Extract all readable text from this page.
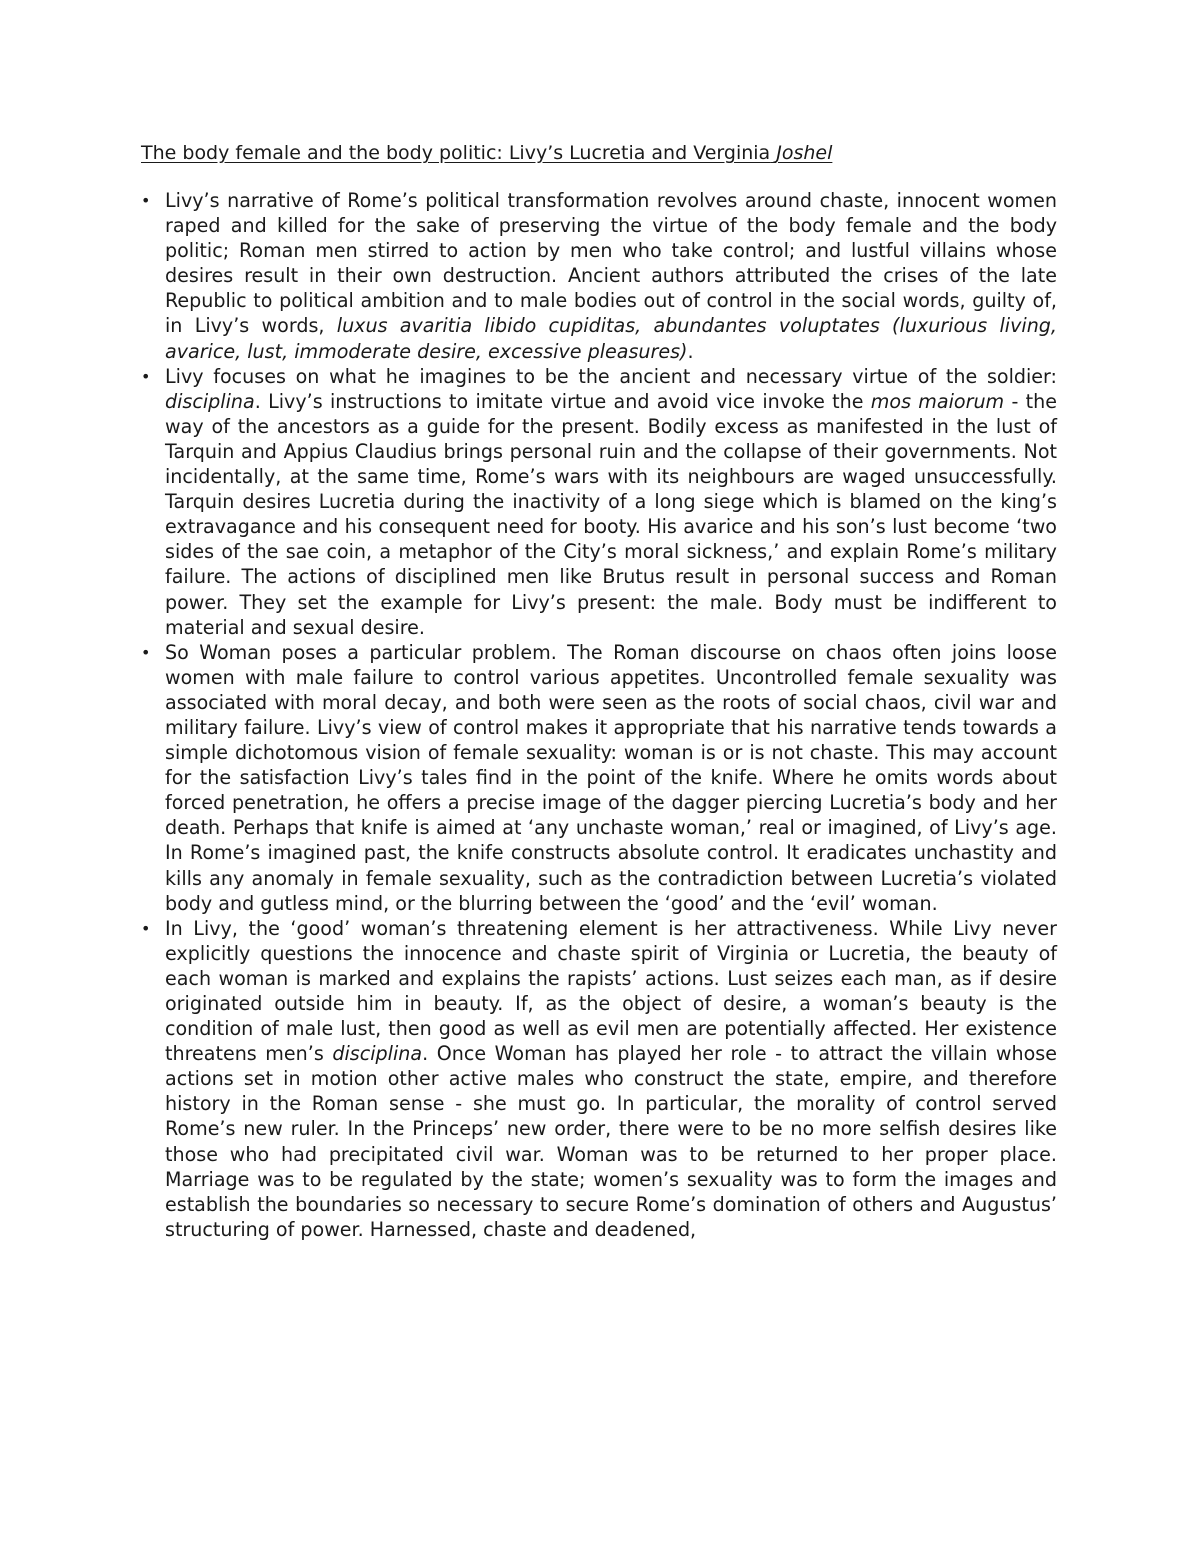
The body female and the body politic: Livy’s Lucretia and Verginia Joshel
• Livy’s narrative of Rome’s political transformation revolves around chaste, innocent women raped and killed for the sake of preserving the virtue of the body female and the body politic; Roman men stirred to action by men who take control; and lustful villains whose desires result in their own destruction. Ancient authors attributed the crises of the late Republic to political ambition and to male bodies out of control in the social words, guilty of, in Livy’s words, luxus avaritia libido cupiditas, abundantes voluptates (luxurious living, avarice, lust, immoderate desire, excessive pleasures).
• Livy focuses on what he imagines to be the ancient and necessary virtue of the soldier: disciplina. Livy’s instructions to imitate virtue and avoid vice invoke the mos maiorum - the way of the ancestors as a guide for the present. Bodily excess as manifested in the lust of Tarquin and Appius Claudius brings personal ruin and the collapse of their governments. Not incidentally, at the same time, Rome’s wars with its neighbours are waged unsuccessfully. Tarquin desires Lucretia during the inactivity of a long siege which is blamed on the king’s extravagance and his consequent need for booty. His avarice and his son’s lust become ‘two sides of the sae coin, a metaphor of the City’s moral sickness,’ and explain Rome’s military failure. The actions of disciplined men like Brutus result in personal success and Roman power. They set the example for Livy’s present: the male. Body must be indifferent to material and sexual desire.
• So Woman poses a particular problem. The Roman discourse on chaos often joins loose women with male failure to control various appetites. Uncontrolled female sexuality was associated with moral decay, and both were seen as the roots of social chaos, civil war and military failure. Livy’s view of control makes it appropriate that his narrative tends towards a simple dichotomous vision of female sexuality: woman is or is not chaste. This may account for the satisfaction Livy’s tales find in the point of the knife. Where he omits words about forced penetration, he offers a precise image of the dagger piercing Lucretia’s body and her death. Perhaps that knife is aimed at ‘any unchaste woman,’ real or imagined, of Livy’s age. In Rome’s imagined past, the knife constructs absolute control. It eradicates unchastity and kills any anomaly in female sexuality, such as the contradiction between Lucretia’s violated body and gutless mind, or the blurring between the ‘good’ and the ‘evil’ woman.
• In Livy, the ‘good’ woman’s threatening element is her attractiveness. While Livy never explicitly questions the innocence and chaste spirit of Virginia or Lucretia, the beauty of each woman is marked and explains the rapists’ actions. Lust seizes each man, as if desire originated outside him in beauty. If, as the object of desire, a woman’s beauty is the condition of male lust, then good as well as evil men are potentially affected. Her existence threatens men’s disciplina. Once Woman has played her role - to attract the villain whose actions set in motion other active males who construct the state, empire, and therefore history in the Roman sense - she must go. In particular, the morality of control served Rome’s new ruler. In the Princeps’ new order, there were to be no more selfish desires like those who had precipitated civil war. Woman was to be returned to her proper place. Marriage was to be regulated by the state; women’s sexuality was to form the images and establish the boundaries so necessary to secure Rome’s domination of others and Augustus’ structuring of power. Harnessed, chaste and deadened,
